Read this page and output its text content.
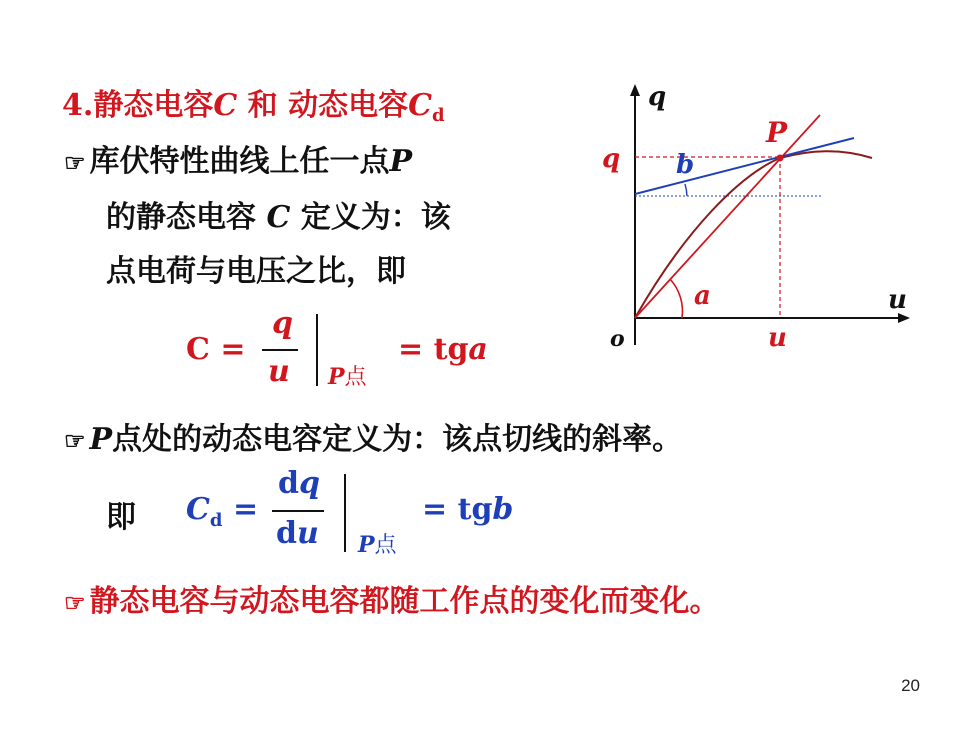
4.静态电容C 和 动态电容$C_d$
☞ 库伏特性曲线上任一点P
的静态电容 C 定义为：该
点电荷与电压之比，即
C =
q
u P点
= tga
q
u
o
P
q
u
a
b
☞ P点处的动态电容定义为：该点切线的斜率。
即 $C_d$ =
dq
du P点
= tgb
☞ 静态电容与动态电容都随工作点的变化而变化。
20
